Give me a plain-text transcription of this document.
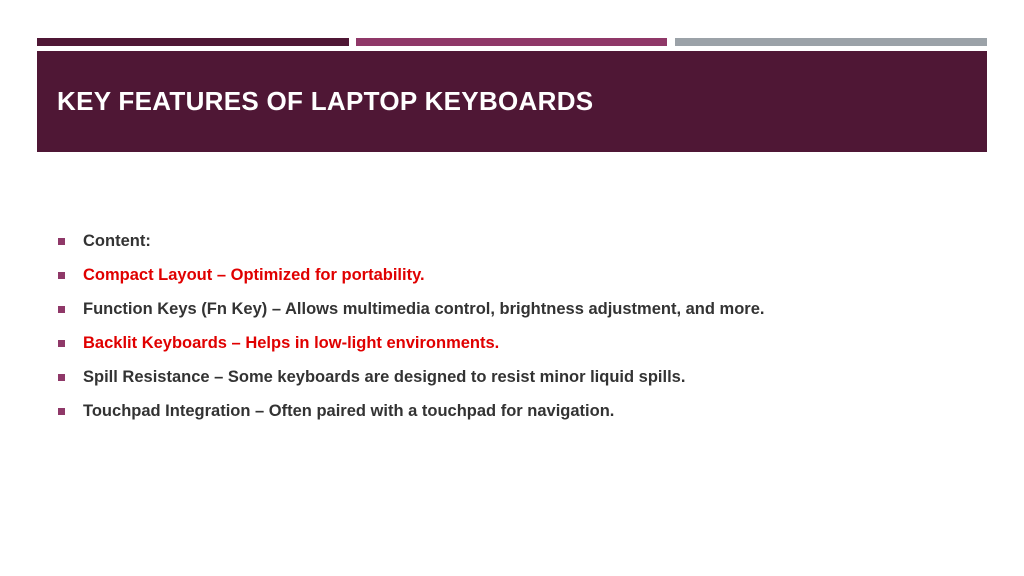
KEY FEATURES OF LAPTOP KEYBOARDS
Content:
Compact Layout – Optimized for portability.
Function Keys (Fn Key) – Allows multimedia control, brightness adjustment, and more.
Backlit Keyboards – Helps in low-light environments.
Spill Resistance – Some keyboards are designed to resist minor liquid spills.
Touchpad Integration – Often paired with a touchpad for navigation.
